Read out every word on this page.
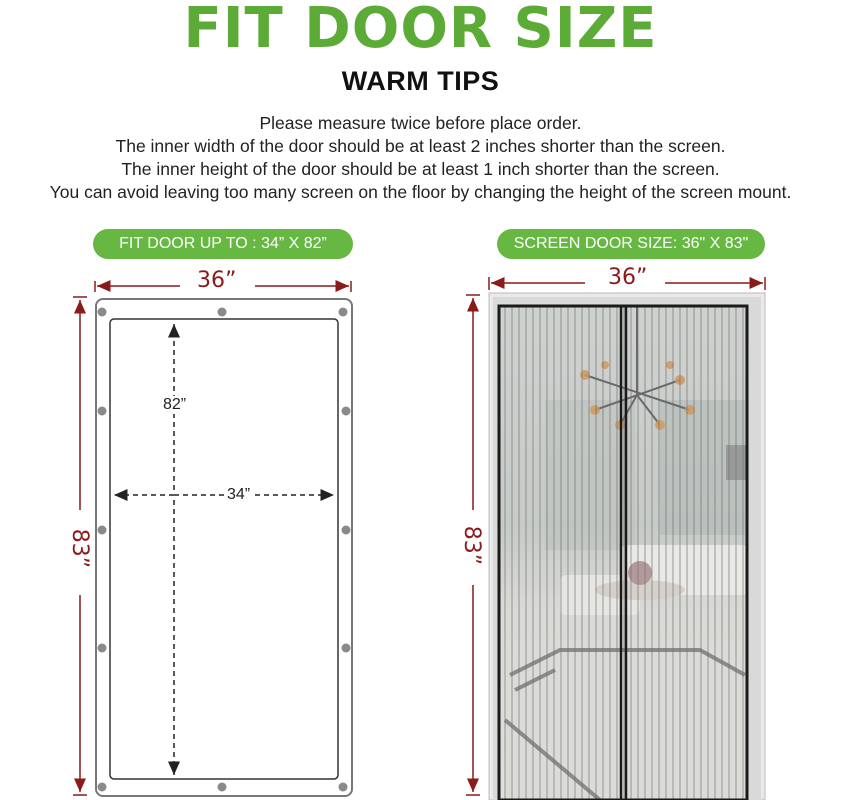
FIT DOOR SIZE
WARM TIPS
Please measure twice before place order.
The inner width of the door should be at least 2 inches shorter than the screen.
The inner height of the door should be at least 1 inch shorter than the screen.
You can avoid leaving too many screen on the floor by changing the height of the screen mount.
FIT DOOR UP TO : 34” X 82”	SCREEN DOOR SIZE: 36" X 83"
36”
83”
82”
34”
36”
83”
